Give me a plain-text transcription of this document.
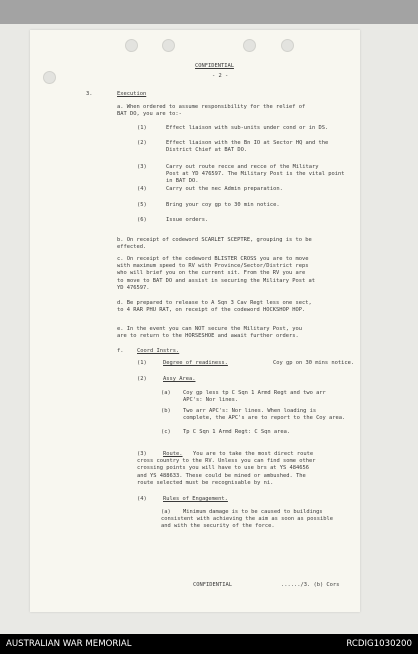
CONFIDENTIAL
- 2 -
3.	Execution
f.	Coord Instrs.
(1)	Degree of readiness.	Coy gp on 30 mins notice.
(2)	Assy Area.
(3)	Route.
(4)	Rules of Engagement.
CONFIDENTIAL	....../3. (b) Cors
a. When ordered to assume responsibility for the relief of
BAT DO, you are to:-
(1)	Effect liaison with sub-units under cond or in DS.
(2)	Effect liaison with the Bn IO at Sector HQ and the
District Chief at BAT DO.
(3)	Carry out route recce and recce of the Military
Post at YD 476597. The Military Post is the vital point
in BAT DO.
(4)	Carry out the nec Admin preparation.
(5)	Bring your coy gp to 30 min notice.
(6)	Issue orders.
b. On receipt of codeword SCARLET SCEPTRE, grouping is to be
effected.
c. On receipt of the codeword BLISTER CROSS you are to move
with maximum speed to RV with Province/Sector/District reps
who will brief you on the current sit. From the RV you are
to move to BAT DO and assist in securing the Military Post at
YD 476597.
d. Be prepared to release to A Sqn 3 Cav Regt less one sect,
to 4 RAR PHU RAT, on receipt of the codeword HOCKSHOP HOP.
e. In the event you can NOT secure the Military Post, you
are to return to the HORSESHOE and await further orders.
(a) Coy gp less tp C Sqn 1 Armd Regt and two arr
APC's: Nor lines.
(b) Two arr APC's: Nor lines. When loading is
complete, the APC's are to report to the Coy area.
(c) Tp C Sqn 1 Armd Regt: C Sqn area.
You are to take the most direct route
cross country to the RV. Unless you can find some other
crossing points you will have to use brs at YS 484656
and YS 488633. These could be mined or ambushed. The
route selected must be recognisable by ni.
(a) Minimum damage is to be caused to buildings
consistent with achieving the aim as soon as possible
and with the security of the force.
AUSTRALIAN WAR MEMORIAL	RCDIG1030200
